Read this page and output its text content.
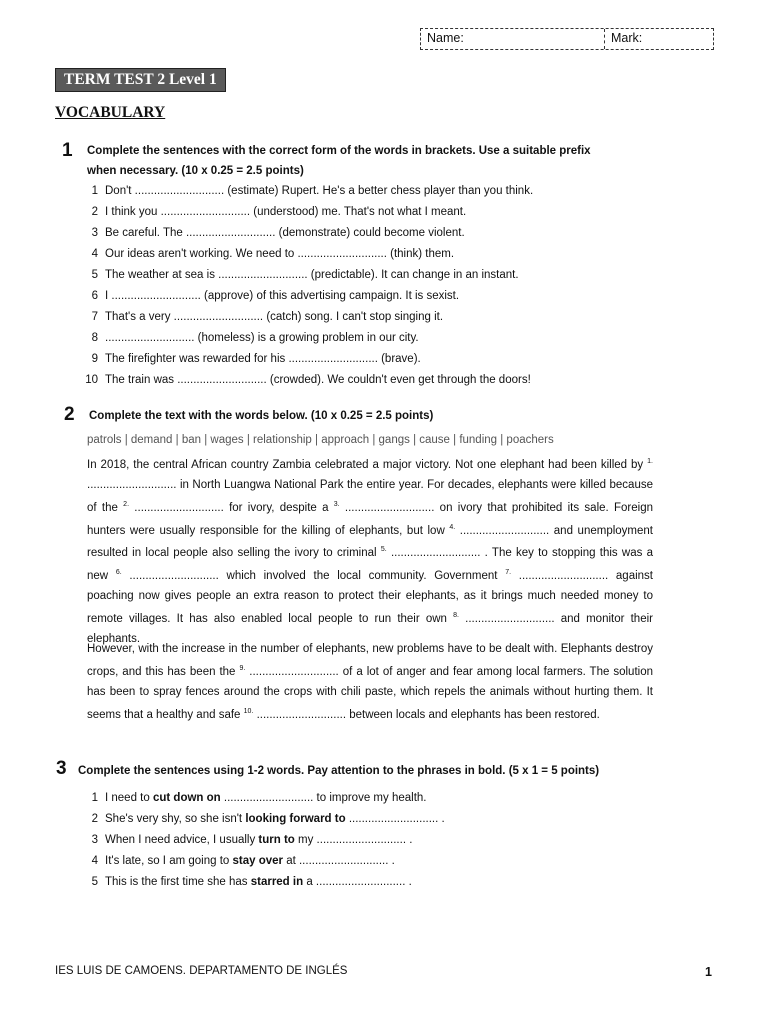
Name:	Mark:
TERM TEST 2 Level 1
VOCABULARY
1 Complete the sentences with the correct form of the words in brackets. Use a suitable prefix
when necessary. (10 x 0.25 = 2.5 points)
1 Don't ............................ (estimate) Rupert. He's a better chess player than you think.
2 I think you ............................ (understood) me. That's not what I meant.
3 Be careful. The ............................ (demonstrate) could become violent.
4 Our ideas aren't working. We need to ............................ (think) them.
5 The weather at sea is ............................ (predictable). It can change in an instant.
6 I ............................ (approve) of this advertising campaign. It is sexist.
7 That's a very ............................ (catch) song. I can't stop singing it.
8 ............................ (homeless) is a growing problem in our city.
9 The firefighter was rewarded for his ............................ (brave).
10 The train was ............................ (crowded). We couldn't even get through the doors!
2 Complete the text with the words below. (10 x 0.25 = 2.5 points)
patrols | demand | ban | wages | relationship | approach | gangs | cause | funding | poachers

In 2018, the central African country Zambia celebrated a major victory. Not one elephant had been killed by $^{1.}$ ............................ in North Luangwa National Park the entire year. For decades, elephants were killed because of the $^{2.}$ ............................ for ivory, despite a $^{3.}$ ............................ on ivory that prohibited its sale. Foreign hunters were usually responsible for the killing of elephants, but low $^{4.}$ ............................ and unemployment resulted in local people also selling the ivory to criminal $^{5.}$ ............................ . The key to stopping this was a new $^{6.}$ ............................ which involved the local community. Government $^{7.}$ ............................ against poaching now gives people an extra reason to protect their elephants, as it brings much needed money to remote villages. It has also enabled local people to run their own $^{8.}$ ............................ and monitor their elephants.

However, with the increase in the number of elephants, new problems have to be dealt with. Elephants destroy crops, and this has been the $^{9.}$ ............................ of a lot of anger and fear among local farmers. The solution has been to spray fences around the crops with chili paste, which repels the animals without hurting them. It seems that a healthy and safe $^{10.}$ ............................ between locals and elephants has been restored.

3 Complete the sentences using 1-2 words. Pay attention to the phrases in bold. (5 x 1 = 5 points)
1 I need to cut down on ............................ to improve my health.
2 She's very shy, so she isn't looking forward to ............................ .
3 When I need advice, I usually turn to my ............................ .
4 It's late, so I am going to stay over at ............................ .
5 This is the first time she has starred in a ............................ .
IES LUIS DE CAMOENS. DEPARTAMENTO DE INGLÉS	1
